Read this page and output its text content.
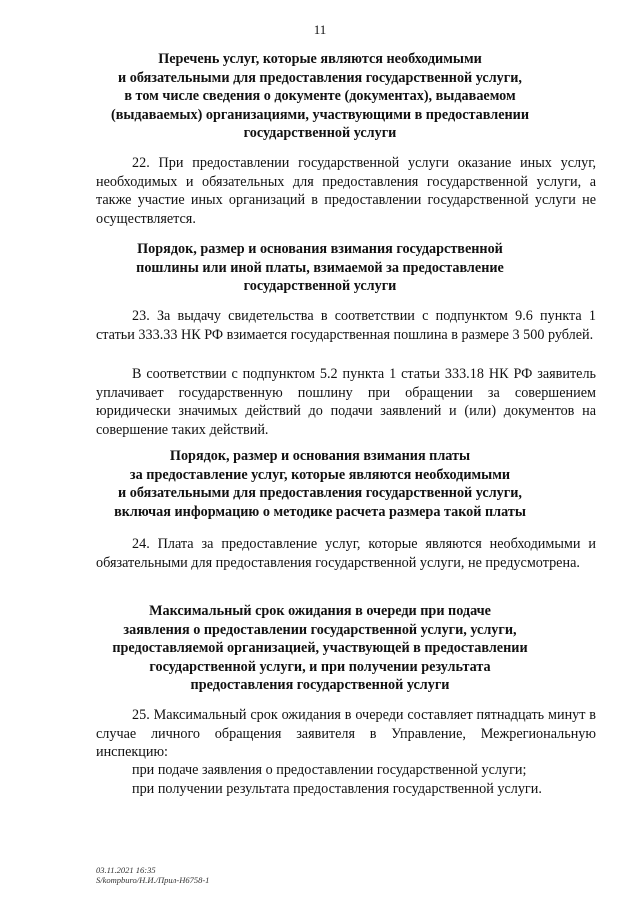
11
Перечень услуг, которые являются необходимыми
и обязательными для предоставления государственной услуги,
в том числе сведения о документе (документах), выдаваемом
(выдаваемых) организациями, участвующими в предоставлении
государственной услуги
22. При предоставлении государственной услуги оказание иных услуг, необходимых и обязательных для предоставления государственной услуги, а также участие иных организаций в предоставлении государственной услуги не осуществляется.
Порядок, размер и основания взимания государственной
пошлины или иной платы, взимаемой за предоставление
государственной услуги
23. За выдачу свидетельства в соответствии с подпунктом 9.6 пункта 1 статьи 333.33 НК РФ взимается государственная пошлина в размере 3 500 рублей.
В соответствии с подпунктом 5.2 пункта 1 статьи 333.18 НК РФ заявитель уплачивает государственную пошлину при обращении за совершением юридически значимых действий до подачи заявлений и (или) документов на совершение таких действий.
Порядок, размер и основания взимания платы
за предоставление услуг, которые являются необходимыми
и обязательными для предоставления государственной услуги,
включая информацию о методике расчета размера такой платы
24. Плата за предоставление услуг, которые являются необходимыми и обязательными для предоставления государственной услуги, не предусмотрена.
Максимальный срок ожидания в очереди при подаче
заявления о предоставлении государственной услуги, услуги,
предоставляемой организацией, участвующей в предоставлении
государственной услуги, и при получении результата
предоставления государственной услуги
25. Максимальный срок ожидания в очереди составляет пятнадцать минут в случае личного обращения заявителя в Управление, Межрегиональную инспекцию:
при подаче заявления о предоставлении государственной услуги;
при получении результата предоставления государственной услуги.
03.11.2021 16:35
S/kompburo/Н.И./Прил-Н6758-1
